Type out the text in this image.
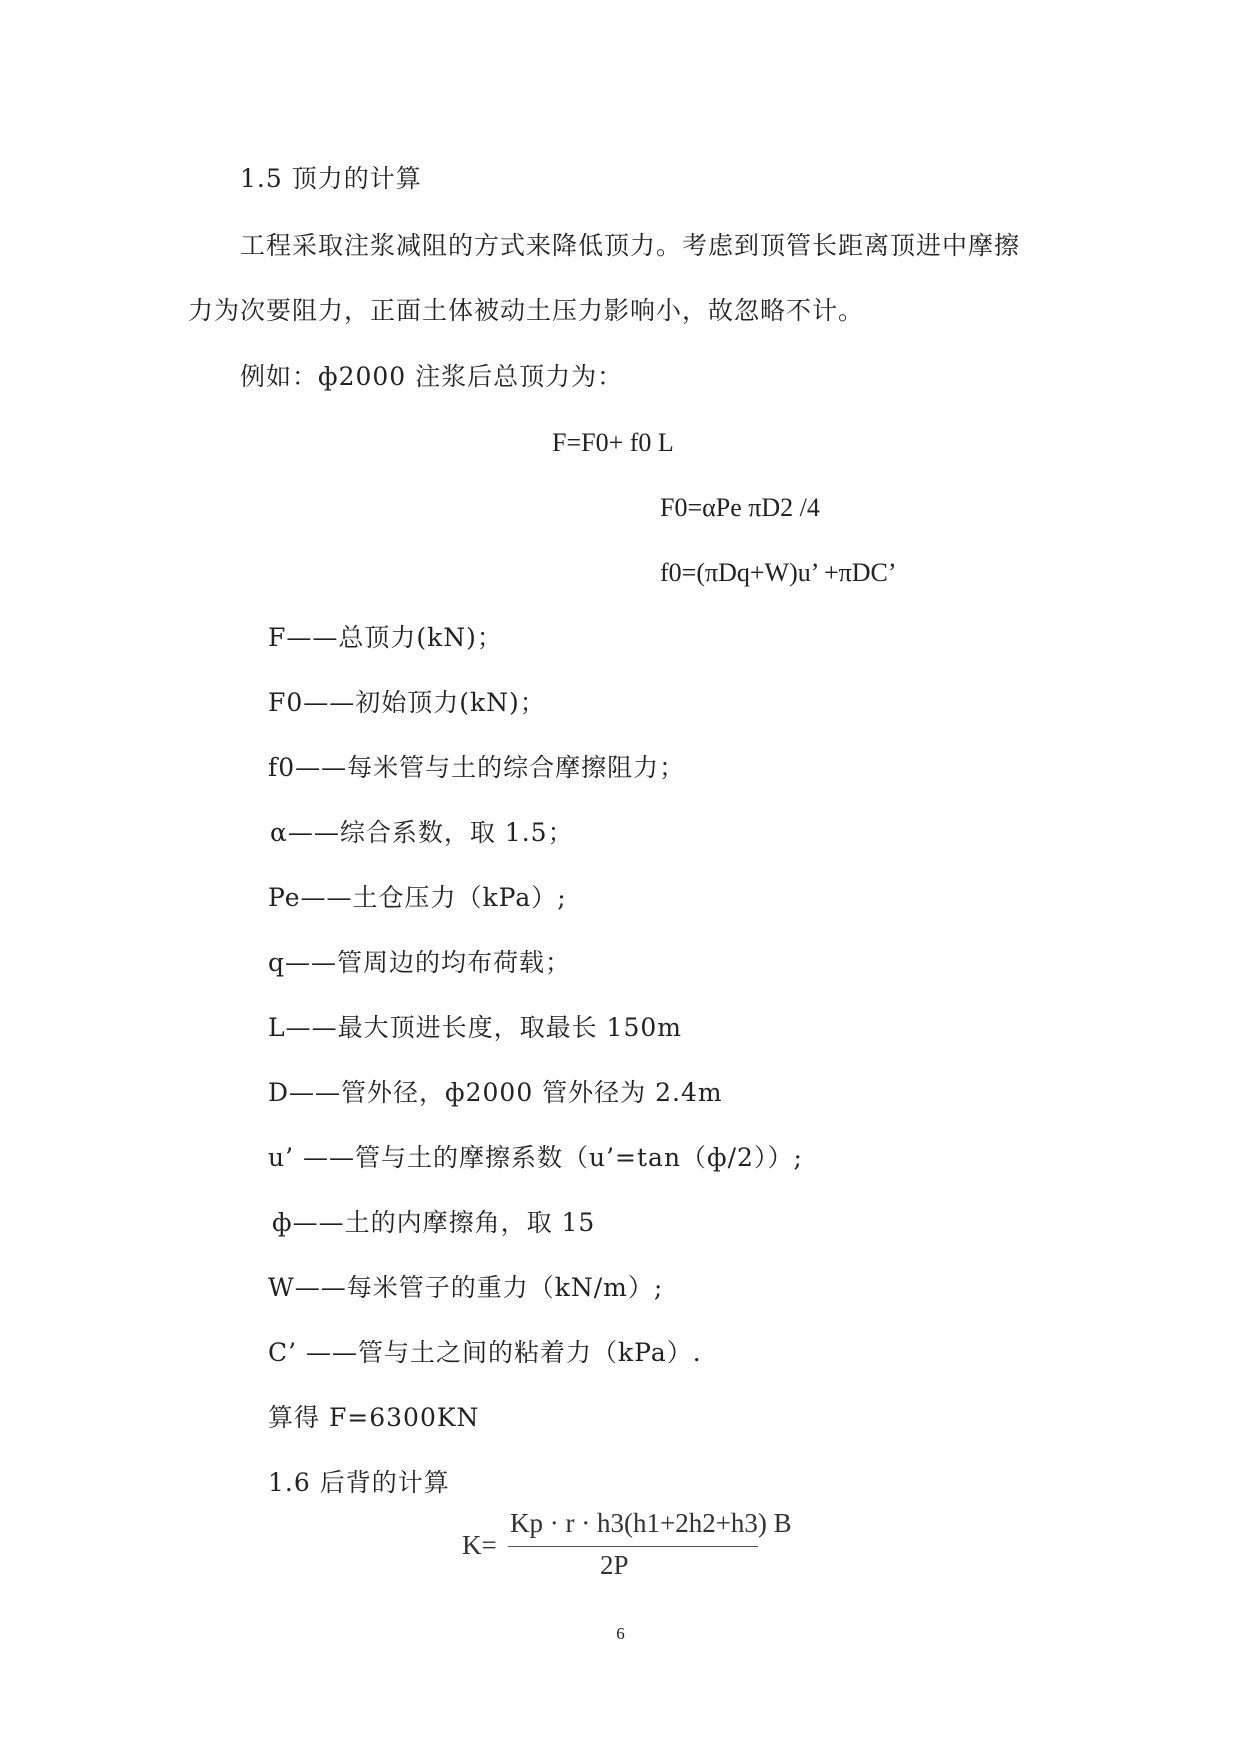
1.5 顶力的计算
工程采取注浆减阻的方式来降低顶力。考虑到顶管长距离顶进中摩擦
力为次要阻力，正面土体被动土压力影响小，故忽略不计。
例如：ф2000 注浆后总顶力为：
F=F0+ f0 L
F0=αPe πD2 /4
f0=(πDq+W)u’ +πDC’
F——总顶力(kN)；
F0——初始顶力(kN)；
f0——每米管与土的综合摩擦阻力；
α——综合系数，取 1.5；
Pe——土仓压力（kPa）;
q——管周边的均布荷载；
L——最大顶进长度，取最长 150m
D——管外径，ф2000 管外径为 2.4m
u’ ——管与土的摩擦系数（u’=tan（ф/2））;
ф——土的内摩擦角，取 15
W——每米管子的重力（kN/m）;
C’ ——管与土之间的粘着力（kPa）.
算得 F=6300KN
1.6 后背的计算
K=
Kp · r · h3(h1+2h2+h3) B
2P
6
